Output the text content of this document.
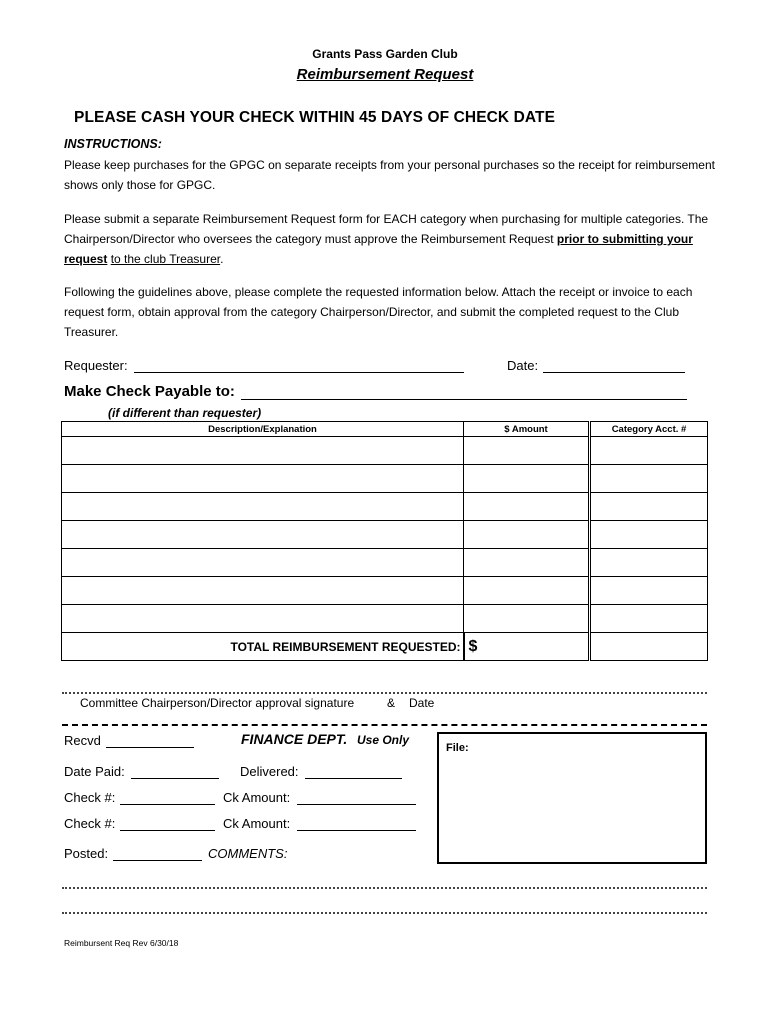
Grants Pass Garden Club
Reimbursement Request
PLEASE CASH YOUR CHECK WITHIN 45 DAYS OF CHECK DATE
INSTRUCTIONS:
Please keep purchases for the GPGC on separate receipts from your personal purchases so the receipt for reimbursement shows only those for GPGC.
Please submit a separate Reimbursement Request form for EACH category when purchasing for multiple categories. The Chairperson/Director who oversees the category must approve the Reimbursement Request prior to submitting your request to the club Treasurer.
Following the guidelines above, please complete the requested information below. Attach the receipt or invoice to each request form, obtain approval from the category Chairperson/Director, and submit the completed request to the Club Treasurer.
Requester:	Date:
Make Check Payable to:
(if different than requester)
Description/Explanation	$ Amount	Category Acct. #

TOTAL REIMBURSEMENT REQUESTED:	$	
Committee Chairperson/Director approval signature	& Date
Recvd	FINANCE DEPT. Use Only
Date Paid:	Delivered:
Check #:	Ck Amount:
Check #:	Ck Amount:
Posted:	COMMENTS:
File:
Reimbursent Req Rev 6/30/18
